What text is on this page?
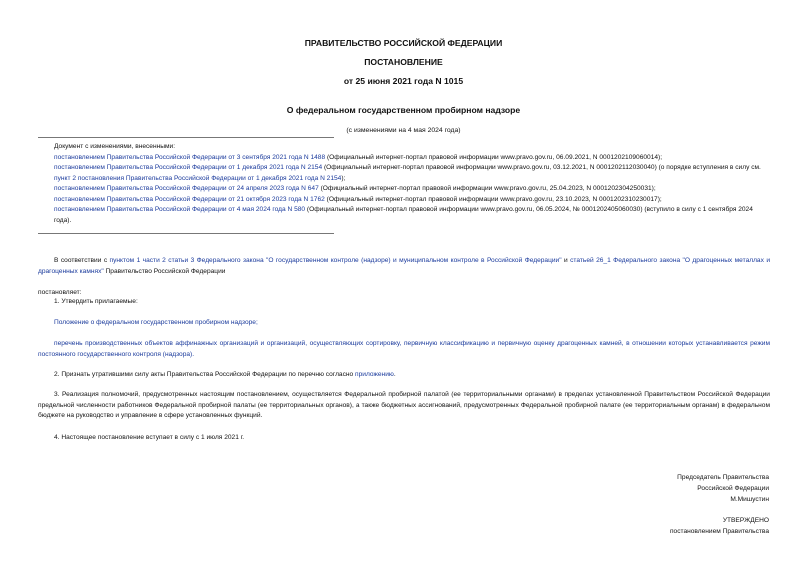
ПРАВИТЕЛЬСТВО РОССИЙСКОЙ ФЕДЕРАЦИИ
ПОСТАНОВЛЕНИЕ
от 25 июня 2021 года N 1015
О федеральном государственном пробирном надзоре
(с изменениями на 4 мая 2024 года)

Документ с изменениями, внесенными:

постановлением Правительства Российской Федерации от 3 сентября 2021 года N 1488 (Официальный интернет-портал правовой информации www.pravo.gov.ru, 06.09.2021, N 0001202109060014);

постановлением Правительства Российской Федерации от 1 декабря 2021 года N 2154 (Официальный интернет-портал правовой информации www.pravo.gov.ru, 03.12.2021, N 0001202112030040) (о порядке вступления в силу см. пункт 2 постановления Правительства Российской Федерации от 1 декабря 2021 года N 2154);

постановлением Правительства Российской Федерации от 24 апреля 2023 года N 647 (Официальный интернет-портал правовой информации www.pravo.gov.ru, 25.04.2023, N 0001202304250031);

постановлением Правительства Российской Федерации от 21 октября 2023 года N 1762 (Официальный интернет-портал правовой информации www.pravo.gov.ru, 23.10.2023, N 0001202310230017);

постановлением Правительства Российской Федерации от 4 мая 2024 года N 580 (Официальный интернет-портал правовой информации www.pravo.gov.ru, 06.05.2024, № 0001202405060030) (вступило в силу с 1 сентября 2024 года).

В соответствии с пунктом 1 части 2 статьи 3 Федерального закона "О государственном контроле (надзоре) и муниципальном контроле в Российской Федерации" и статьей 26_1 Федерального закона "О драгоценных металлах и драгоценных камнях" Правительство Российской Федерации

постановляет:
1. Утвердить прилагаемые:
Положение о федеральном государственном пробирном надзоре;

перечень производственных объектов аффинажных организаций и организаций, осуществляющих сортировку, первичную классификацию и первичную оценку драгоценных камней, в отношении которых устанавливается режим постоянного государственного контроля (надзора).

2. Признать утратившими силу акты Правительства Российской Федерации по перечню согласно приложению.

3. Реализация полномочий, предусмотренных настоящим постановлением, осуществляется Федеральной пробирной палатой (ее территориальными органами) в пределах установленной Правительством Российской Федерации предельной численности работников Федеральной пробирной палаты (ее территориальных органов), а также бюджетных ассигнований, предусмотренных Федеральной пробирной палате (ее территориальным органам) в федеральном бюджете на руководство и управление в сфере установленных функций.

4. Настоящее постановление вступает в силу с 1 июля 2021 г.

Председатель Правительства

Российской Федерации

М.Мишустин

УТВЕРЖДЕНО

постановлением Правительства
